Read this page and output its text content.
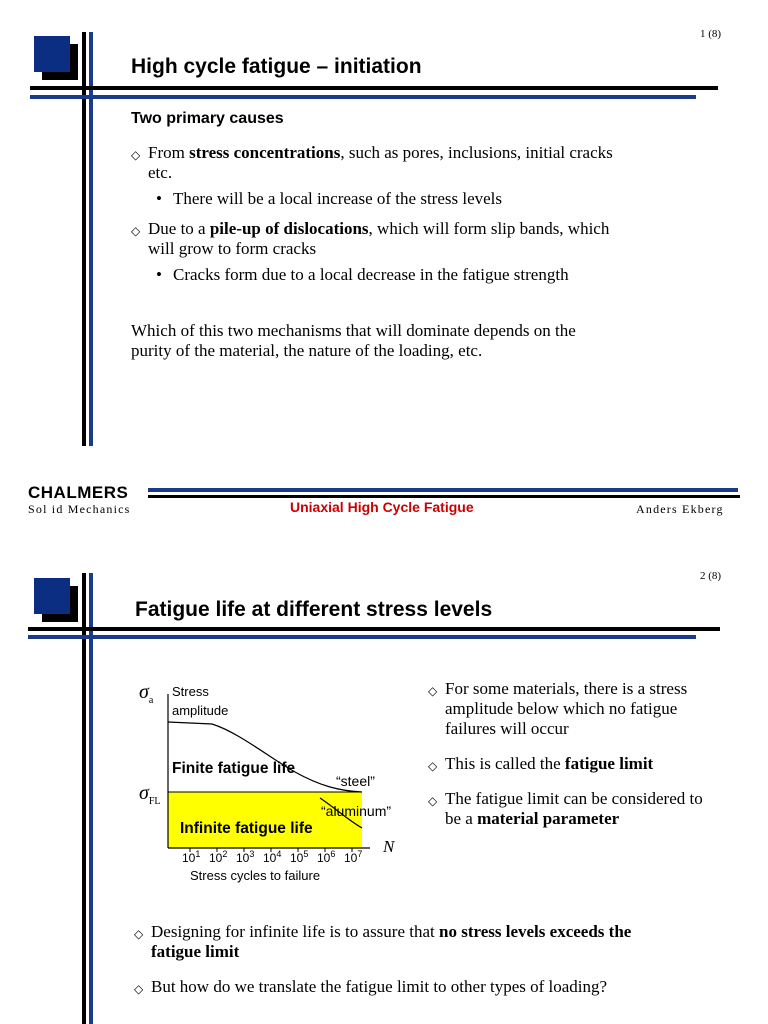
1 (8)
High cycle fatigue – initiation
Two primary causes
◇ From stress concentrations, such as pores, inclusions, initial cracks etc.
• There will be a local increase of the stress levels
◇ Due to a pile-up of dislocations, which will form slip bands, which will grow to form cracks
• Cracks form due to a local decrease in the fatigue strength
Which of this two mechanisms that will dominate depends on the purity of the material, the nature of the loading, etc.
CHALMERS
Sol id Mechanics	Uniaxial High Cycle Fatigue	Anders Ekberg
2 (8)
Fatigue life at different stress levels
$\sigma_a$
Stress
amplitude
$\sigma_{FL}$
Finite fatigue life
Infinite fatigue life
“steel”
“aluminum”
N
$10^1$ $10^2$ $10^3$ $10^4$ $10^5$ $10^6$ $10^7$
Stress cycles to failure
◇ For some materials, there is a stress amplitude below which no fatigue failures will occur
◇ This is called the fatigue limit
◇ The fatigue limit can be considered to be a material parameter
◇ Designing for infinite life is to assure that no stress levels exceeds the fatigue limit
◇ But how do we translate the fatigue limit to other types of loading?
